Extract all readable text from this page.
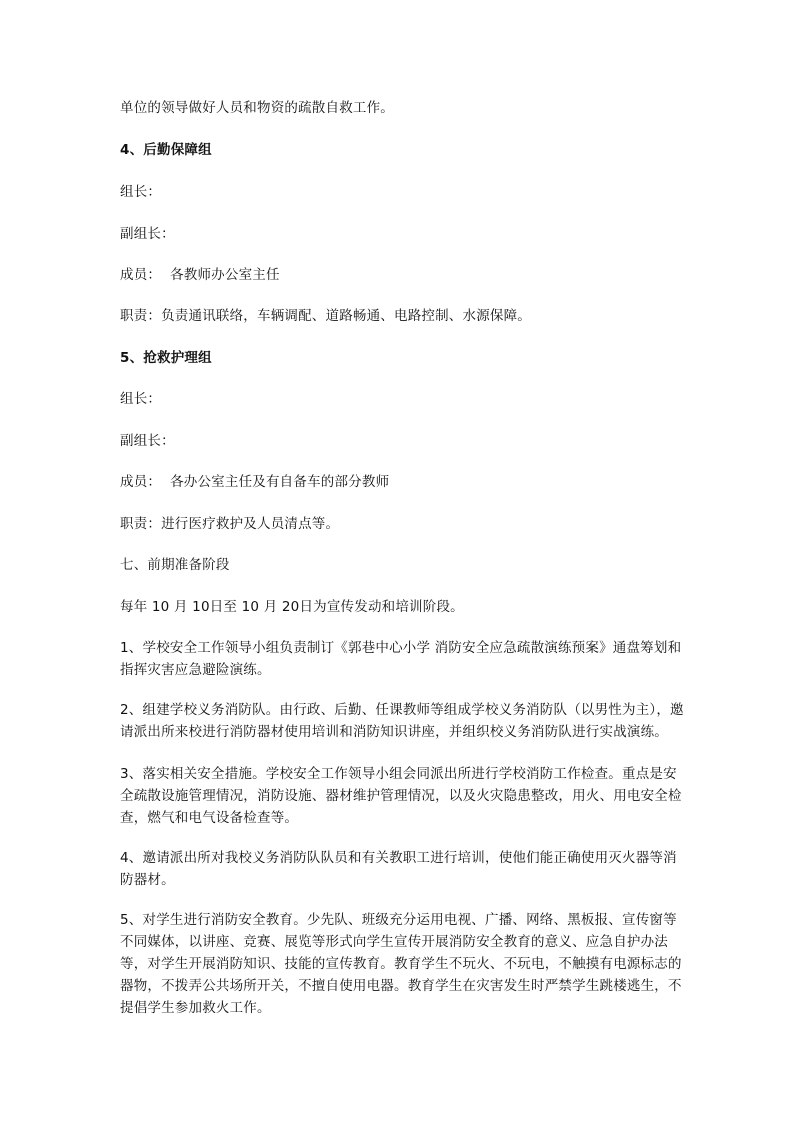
单位的领导做好人员和物资的疏散自救工作。
4、后勤保障组
组长：
副组长：
成员：  各教师办公室主任
职责：负责通讯联络，车辆调配、道路畅通、电路控制、水源保障。
5、抢救护理组
组长：
副组长：
成员：  各办公室主任及有自备车的部分教师
职责：进行医疗救护及人员清点等。
七、前期准备阶段
每年 10 月 10日至 10 月 20日为宣传发动和培训阶段。
1、学校安全工作领导小组负责制订《郭巷中心小学 消防安全应急疏散演练预案》通盘筹划和指挥灾害应急避险演练。
2、组建学校义务消防队。由行政、后勤、任课教师等组成学校义务消防队（以男性为主），邀请派出所来校进行消防器材使用培训和消防知识讲座，并组织校义务消防队进行实战演练。
3、落实相关安全措施。学校安全工作领导小组会同派出所进行学校消防工作检查。重点是安全疏散设施管理情况，消防设施、器材维护管理情况，以及火灾隐患整改，用火、用电安全检查，燃气和电气设备检查等。
4、邀请派出所对我校义务消防队队员和有关教职工进行培训，使他们能正确使用灭火器等消防器材。
5、对学生进行消防安全教育。少先队、班级充分运用电视、广播、网络、黑板报、宣传窗等不同媒体，以讲座、竞赛、展览等形式向学生宣传开展消防安全教育的意义、应急自护办法等，对学生开展消防知识、技能的宣传教育。教育学生不玩火、不玩电，不触摸有电源标志的器物，不拨弄公共场所开关，不擅自使用电器。教育学生在灾害发生时严禁学生跳楼逃生，不提倡学生参加救火工作。
